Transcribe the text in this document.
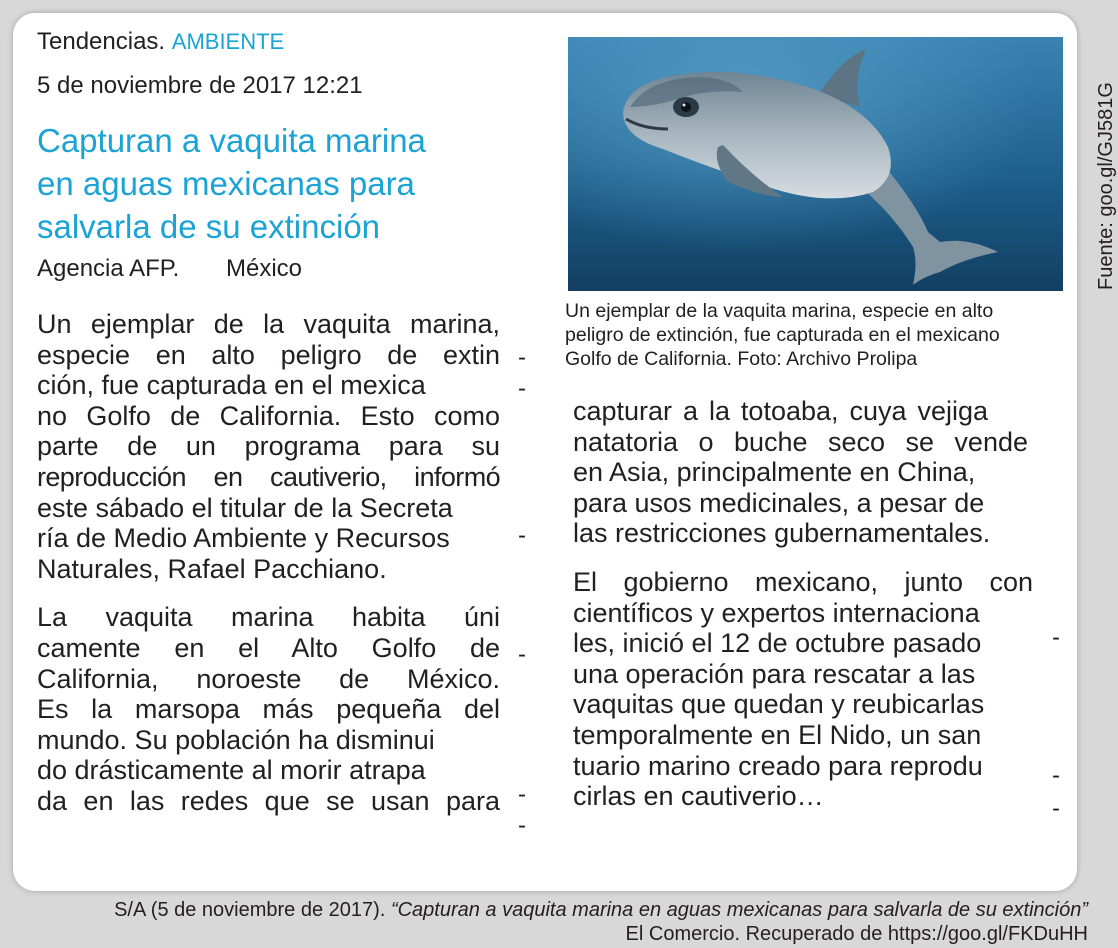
Tendencias. AMBIENTE
5 de noviembre de 2017 12:21
Capturan a vaquita marina
en aguas mexicanas para
salvarla de su extinción
Agencia AFP. México

Un ejemplar de la vaquita marina,
especie en alto peligro de extin
ción, fue capturada en el mexica
no Golfo de California. Esto como
parte de un programa para su
reproducción en cautiverio, informó
este sábado el titular de la Secreta
ría de Medio Ambiente y Recursos
Naturales, Rafael Pacchiano.

La vaquita marina habita úni
camente en el Alto Golfo de
California, noroeste de México.
Es la marsopa más pequeña del
mundo. Su población ha disminui
do drásticamente al morir atrapa
da en las redes que se usan para

-
-
-
-
-
-
Fuente: goo.gl/GJ581G
Un ejemplar de la vaquita marina, especie en alto
peligro de extinción, fue capturada en el mexicano
Golfo de California. Foto: Archivo Prolipa

capturar a la totoaba, cuya vejiga
natatoria o buche seco se vende
en Asia, principalmente en China,
para usos medicinales, a pesar de
las restricciones gubernamentales.

El gobierno mexicano, junto con
científicos y expertos internaciona
les, inició el 12 de octubre pasado
una operación para rescatar a las
vaquitas que quedan y reubicarlas
temporalmente en El Nido, un san
tuario marino creado para reprodu
cirlas en cautiverio…

-
-
-
S/A (5 de noviembre de 2017). “Capturan a vaquita marina en aguas mexicanas para salvarla de su extinción”
El Comercio. Recuperado de https://goo.gl/FKDuHH
